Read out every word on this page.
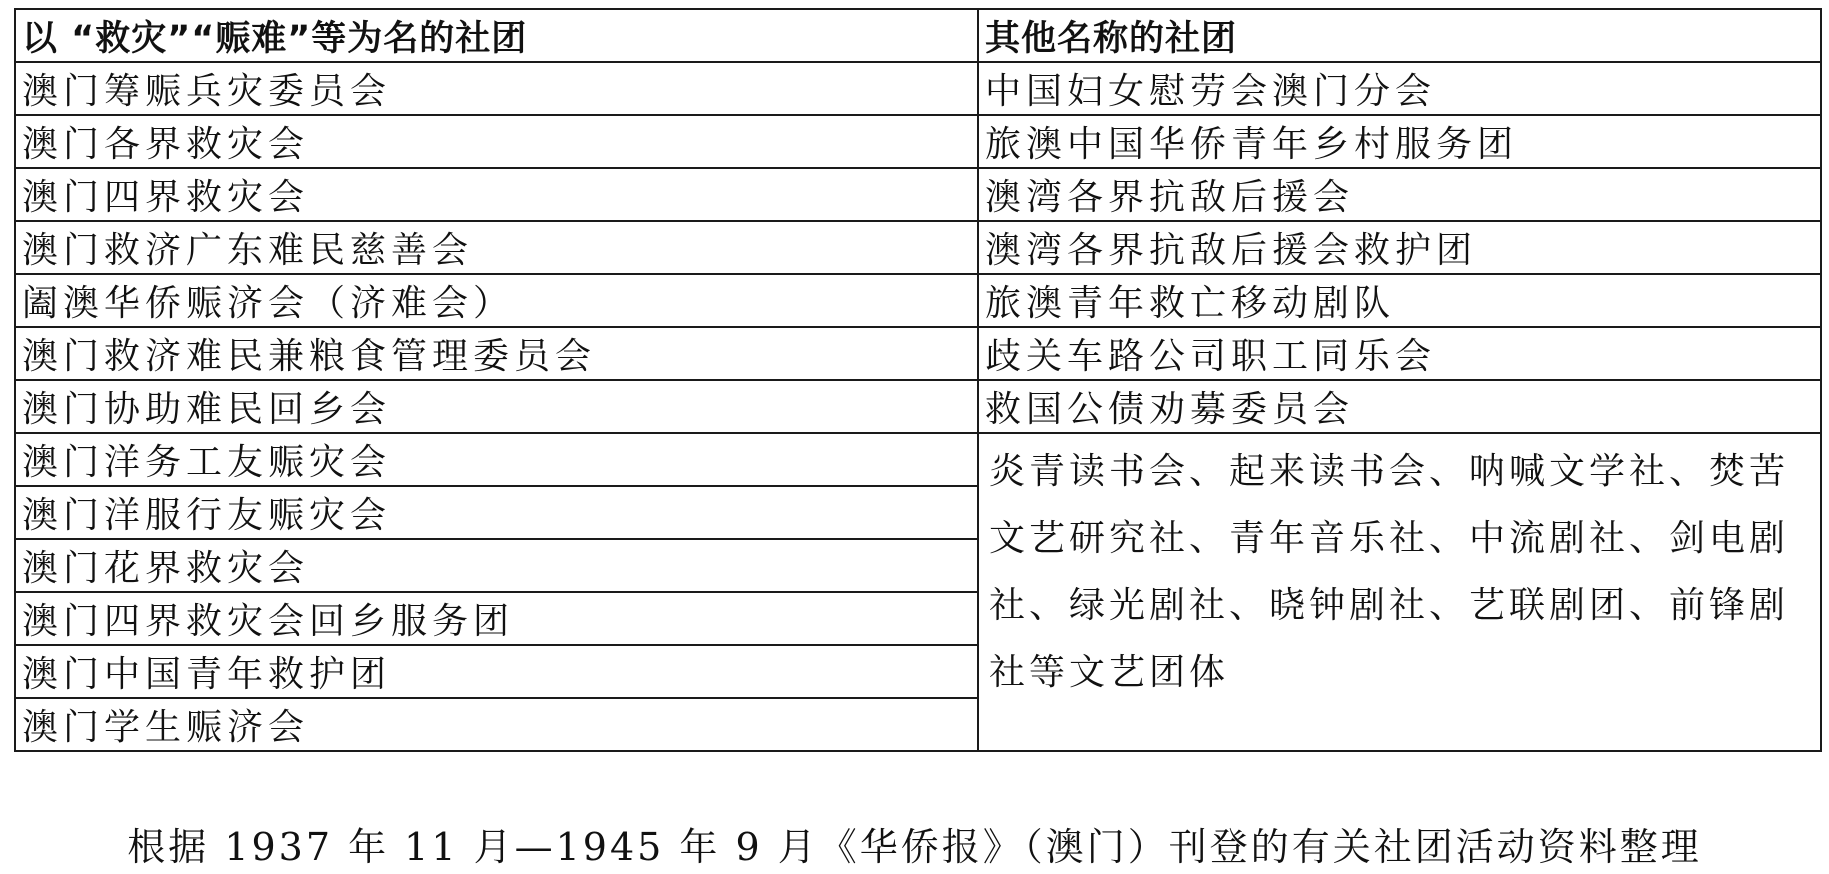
以 “救灾”“赈难”等为名的社团	其他名称的社团
澳门筹赈兵灾委员会	中国妇女慰劳会澳门分会
澳门各界救灾会	旅澳中国华侨青年乡村服务团
澳门四界救灾会	澳湾各界抗敌后援会
澳门救济广东难民慈善会	澳湾各界抗敌后援会救护团
阖澳华侨赈济会（济难会）	旅澳青年救亡移动剧队
澳门救济难民兼粮食管理委员会	歧关车路公司职工同乐会
澳门协助难民回乡会	救国公债劝募委员会
澳门洋务工友赈灾会	炎青读书会、起来读书会、呐喊文学社、焚苦文艺研究社、青年音乐社、中流剧社、剑电剧社、绿光剧社、晓钟剧社、艺联剧团、前锋剧社等文艺团体
澳门洋服行友赈灾会	
澳门花界救灾会	
澳门四界救灾会回乡服务团	
澳门中国青年救护团	
澳门学生赈济会	
根据 1937 年 11 月—1945 年 9 月《华侨报》（澳门）刊登的有关社团活动资料整理
